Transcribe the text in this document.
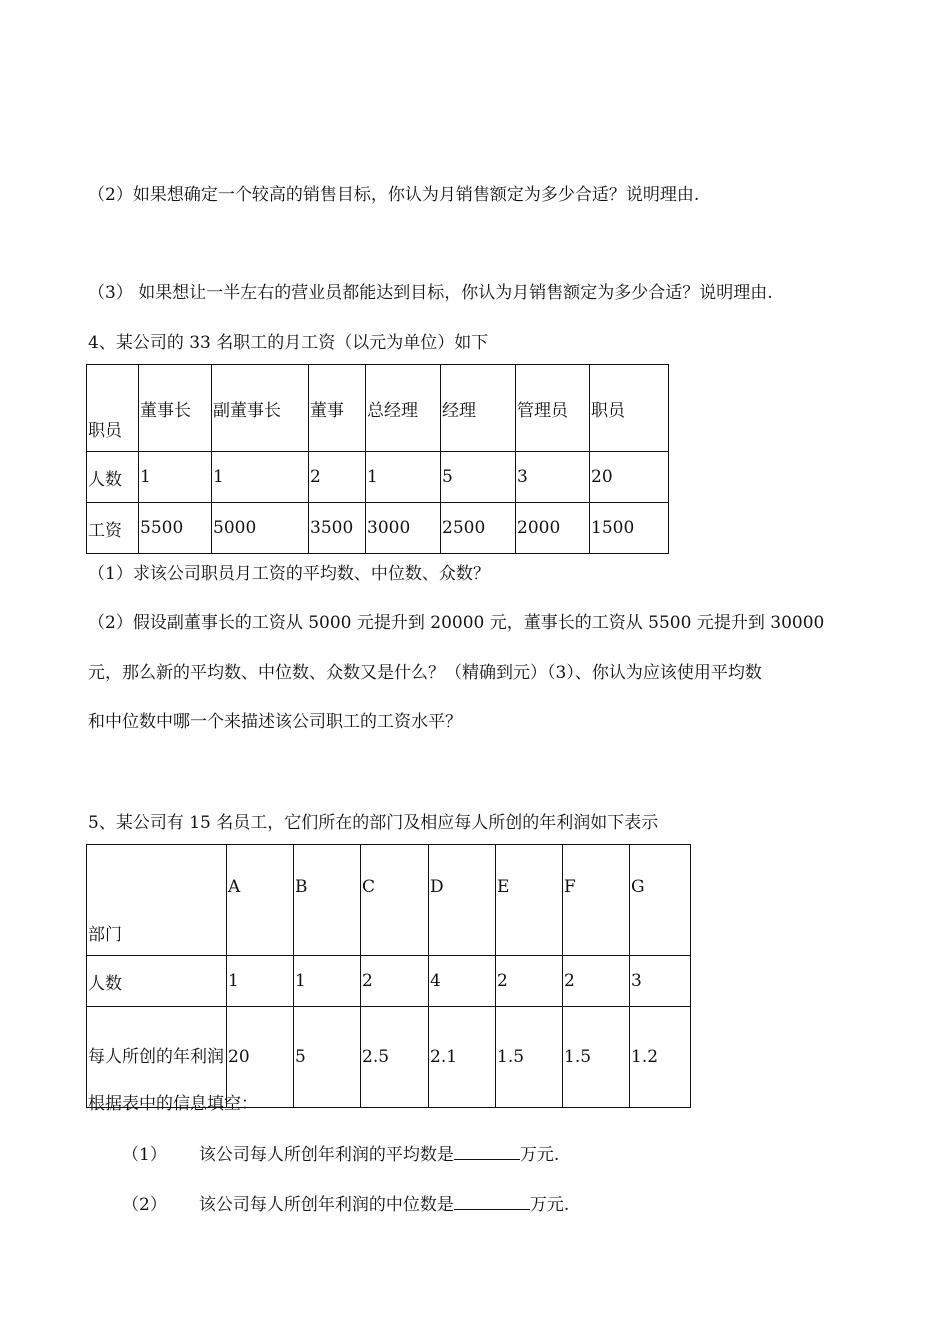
（2）如果想确定一个较高的销售目标，你认为月销售额定为多少合适？说明理由.
（3） 如果想让一半左右的营业员都能达到目标，你认为月销售额定为多少合适？说明理由.
4、某公司的 33 名职工的月工资（以元为单位）如下
职员	董事长	副董事长	董事	总经理	经理	管理员	职员
人数	1	1	2	1	5	3	20
工资	5500	5000	3500	3000	2500	2000	1500
（1）求该公司职员月工资的平均数、中位数、众数？
（2）假设副董事长的工资从 5000 元提升到 20000 元，董事长的工资从 5500 元提升到 30000
元，那么新的平均数、中位数、众数又是什么？（精确到元）（3）、你认为应该使用平均数
和中位数中哪一个来描述该公司职工的工资水平？
5、某公司有 15 名员工，它们所在的部门及相应每人所创的年利润如下表示
部门	A	B	C	D	E	F	G
人数	1	1	2	4	2	2	3
每人所创的年利润	20	5	2.5	2.1	1.5	1.5	1.2
根据表中的信息填空：
（1） 该公司每人所创年利润的平均数是	万元.
（2） 该公司每人所创年利润的中位数是	万元.
